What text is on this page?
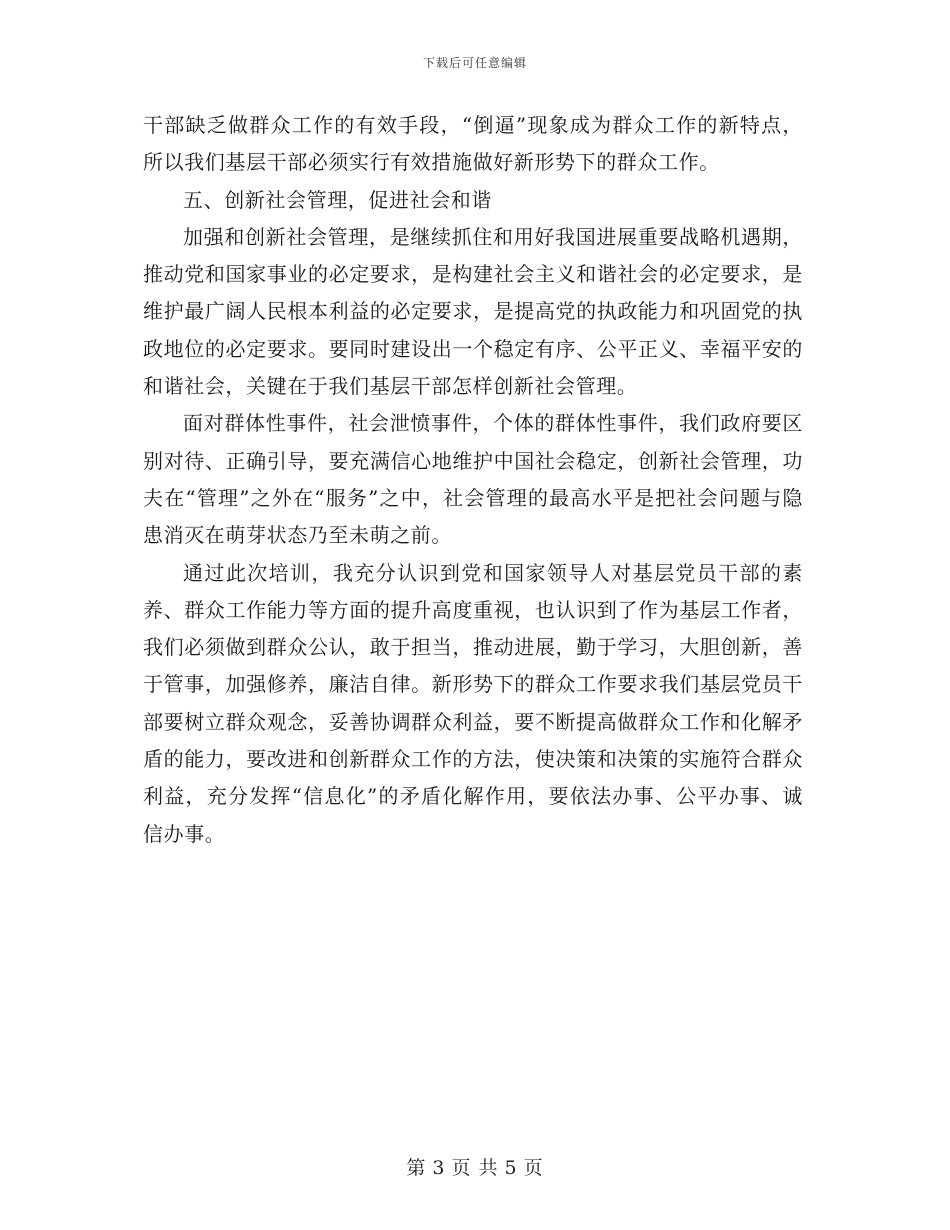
下载后可任意编辑

干部缺乏做群众工作的有效手段，“倒逼”现象成为群众工作的新特点，所以我们基层干部必须实行有效措施做好新形势下的群众工作。

五、创新社会管理，促进社会和谐

加强和创新社会管理，是继续抓住和用好我国进展重要战略机遇期，推动党和国家事业的必定要求，是构建社会主义和谐社会的必定要求，是维护最广阔人民根本利益的必定要求，是提高党的执政能力和巩固党的执政地位的必定要求。要同时建设出一个稳定有序、公平正义、幸福平安的和谐社会，关键在于我们基层干部怎样创新社会管理。

面对群体性事件，社会泄愤事件，个体的群体性事件，我们政府要区别对待、正确引导，要充满信心地维护中国社会稳定，创新社会管理，功夫在“管理”之外在“服务”之中，社会管理的最高水平是把社会问题与隐患消灭在萌芽状态乃至未萌之前。

通过此次培训，我充分认识到党和国家领导人对基层党员干部的素养、群众工作能力等方面的提升高度重视，也认识到了作为基层工作者，我们必须做到群众公认，敢于担当，推动进展，勤于学习，大胆创新，善于管事，加强修养，廉洁自律。新形势下的群众工作要求我们基层党员干部要树立群众观念，妥善协调群众利益，要不断提高做群众工作和化解矛盾的能力，要改进和创新群众工作的方法，使决策和决策的实施符合群众利益，充分发挥“信息化”的矛盾化解作用，要依法办事、公平办事、诚信办事。

第 3 页 共 5 页
